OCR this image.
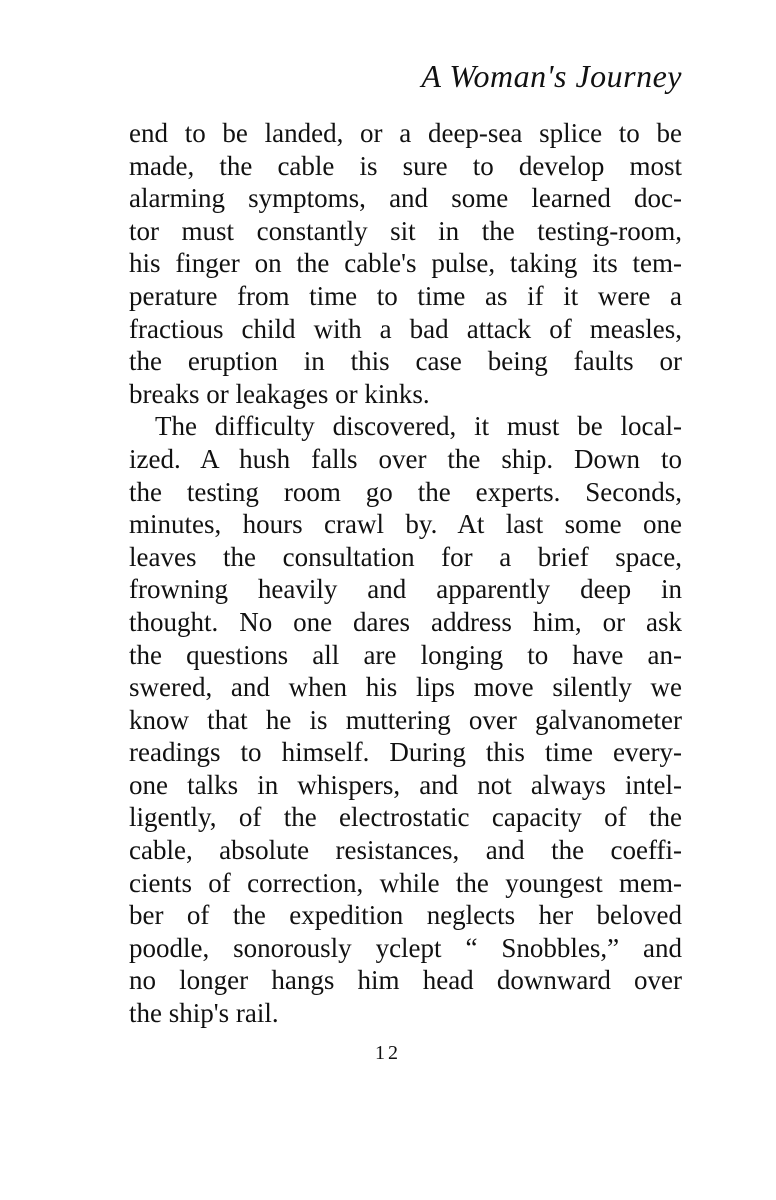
A Woman's Journey
end to be landed, or a deep-sea splice to be
made, the cable is sure to develop most
alarming symptoms, and some learned doc-
tor must constantly sit in the testing-room,
his finger on the cable's pulse, taking its tem-
perature from time to time as if it were a
fractious child with a bad attack of measles,
the eruption in this case being faults or
breaks or leakages or kinks.
The difficulty discovered, it must be local-
ized. A hush falls over the ship. Down to
the testing room go the experts. Seconds,
minutes, hours crawl by. At last some one
leaves the consultation for a brief space,
frowning heavily and apparently deep in
thought. No one dares address him, or ask
the questions all are longing to have an-
swered, and when his lips move silently we
know that he is muttering over galvanometer
readings to himself. During this time every-
one talks in whispers, and not always intel-
ligently, of the electrostatic capacity of the
cable, absolute resistances, and the coeffi-
cients of correction, while the youngest mem-
ber of the expedition neglects her beloved
poodle, sonorously yclept “ Snobbles,” and
no longer hangs him head downward over
the ship's rail.
12
